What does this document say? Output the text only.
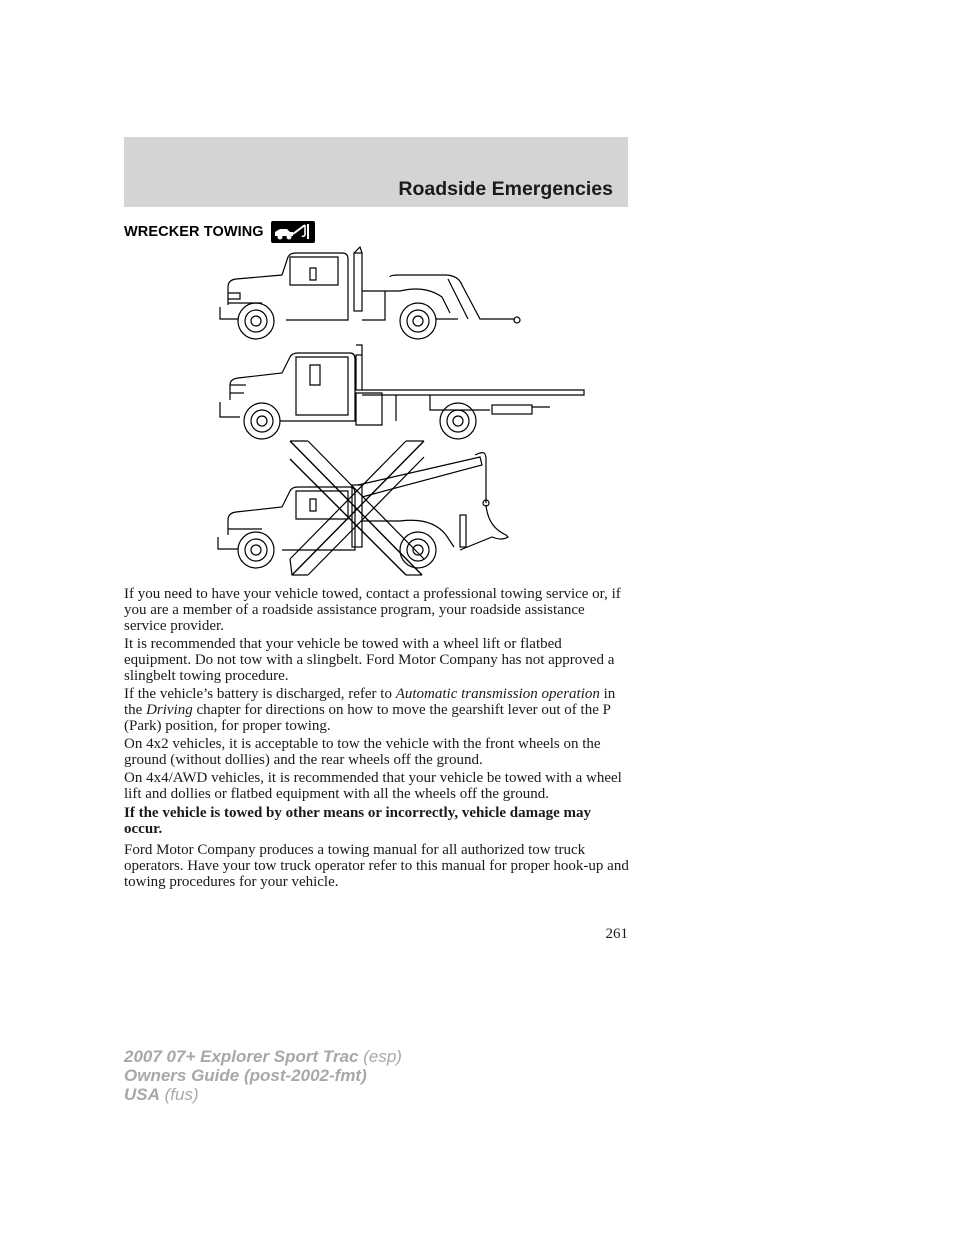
Roadside Emergencies
WRECKER TOWING

If you need to have your vehicle towed, contact a professional towing service or, if you are a member of a roadside assistance program, your roadside assistance service provider.

It is recommended that your vehicle be towed with a wheel lift or flatbed equipment. Do not tow with a slingbelt. Ford Motor Company has not approved a slingbelt towing procedure.

If the vehicle’s battery is discharged, refer to Automatic transmission operation in the Driving chapter for directions on how to move the gearshift lever out of the P (Park) position, for proper towing.

On 4x2 vehicles, it is acceptable to tow the vehicle with the front wheels on the ground (without dollies) and the rear wheels off the ground.

On 4x4/AWD vehicles, it is recommended that your vehicle be towed with a wheel lift and dollies or flatbed equipment with all the wheels off the ground.

If the vehicle is towed by other means or incorrectly, vehicle damage may occur.

Ford Motor Company produces a towing manual for all authorized tow truck operators. Have your tow truck operator refer to this manual for proper hook-up and towing procedures for your vehicle.

261
2007 07+ Explorer Sport Trac (esp)
Owners Guide (post-2002-fmt)
USA (fus)
